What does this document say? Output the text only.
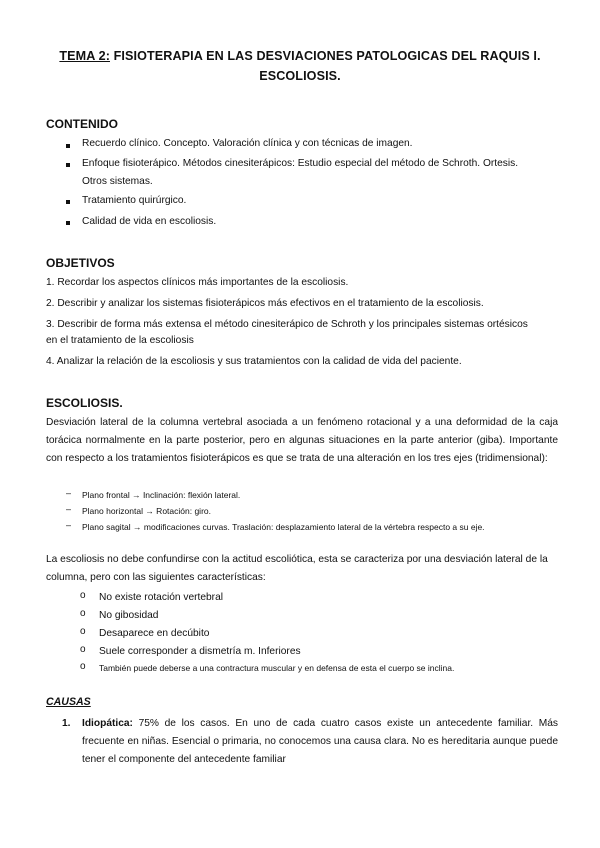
TEMA 2: FISIOTERAPIA EN LAS DESVIACIONES PATOLOGICAS DEL RAQUIS I.
ESCOLIOSIS.
CONTENIDO
Recuerdo clínico. Concepto. Valoración clínica y con técnicas de imagen.
Enfoque fisioterápico. Métodos cinesiterápicos: Estudio especial del método de Schroth. Ortesis.
Otros sistemas.
Tratamiento quirúrgico.
Calidad de vida en escoliosis.
OBJETIVOS
1. Recordar los aspectos clínicos más importantes de la escoliosis.
2. Describir y analizar los sistemas fisioterápicos más efectivos en el tratamiento de la escoliosis.
3. Describir de forma más extensa el método cinesiterápico de Schroth y los principales sistemas ortésicos
en el tratamiento de la escoliosis
4. Analizar la relación de la escoliosis y sus tratamientos con la calidad de vida del paciente.
ESCOLIOSIS.
Desviación lateral de la columna vertebral asociada a un fenómeno rotacional y a una deformidad de la caja torácica normalmente en la parte posterior, pero en algunas situaciones en la parte anterior (giba). Importante con respecto a los tratamientos fisioterápicos es que se trata de una alteración en los tres ejes (tridimensional):
– Plano frontal → Inclinación: flexión lateral.
– Plano horizontal → Rotación: giro.
– Plano sagital → modificaciones curvas. Traslación: desplazamiento lateral de la vértebra respecto a su eje.
La escoliosis no debe confundirse con la actitud escoliótica, esta se caracteriza por una desviación lateral de la columna, pero con las siguientes características:
o No existe rotación vertebral
o No gibosidad
o Desaparece en decúbito
o Suele corresponder a dismetría m. Inferiores
o También puede deberse a una contractura muscular y en defensa de esta el cuerpo se inclina.
CAUSAS
1. Idiopática: 75% de los casos. En uno de cada cuatro casos existe un antecedente familiar. Más frecuente en niñas. Esencial o primaria, no conocemos una causa clara. No es hereditaria aunque puede tener el componente del antecedente familiar
